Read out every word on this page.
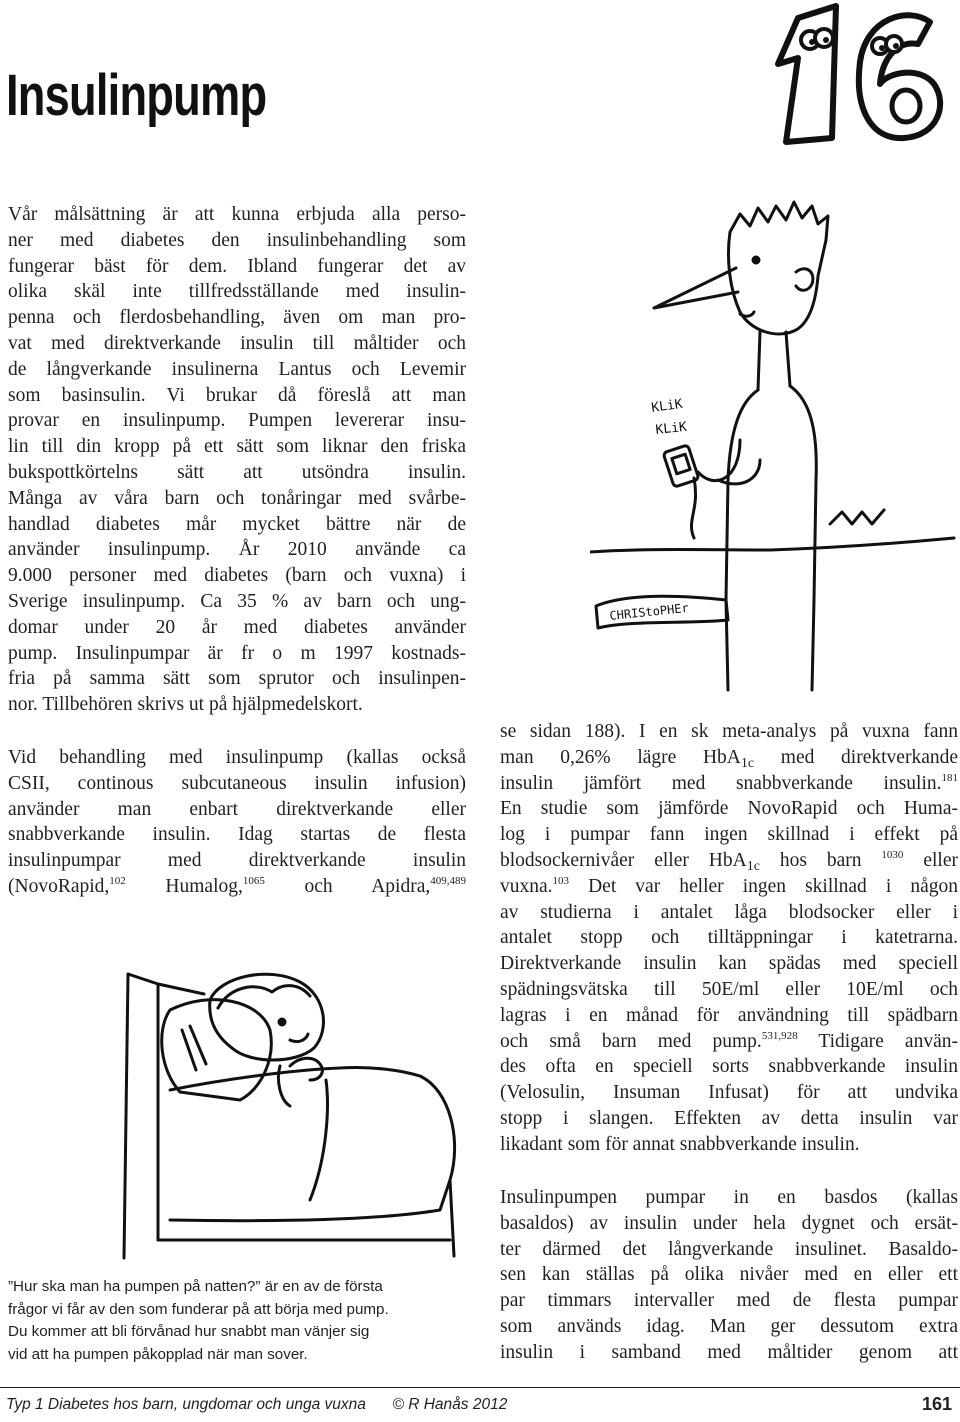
Insulinpump	16
Vår målsättning är att kunna erbjuda alla perso-
ner med diabetes den insulinbehandling som
fungerar bäst för dem. Ibland fungerar det av
olika skäl inte tillfredsställande med insulin-
penna och flerdosbehandling, även om man pro-
vat med direktverkande insulin till måltider och
de långverkande insulinerna Lantus och Levemir
som basinsulin. Vi brukar då föreslå att man
provar en insulinpump. Pumpen levererar insu-
lin till din kropp på ett sätt som liknar den friska
bukspottkörtelns sätt att utsöndra insulin.
Många av våra barn och tonåringar med svårbe-
handlad diabetes mår mycket bättre när de
använder insulinpump. År 2010 använde ca
9.000 personer med diabetes (barn och vuxna) i
Sverige insulinpump. Ca 35 % av barn och ung-
domar under 20 år med diabetes använder
pump. Insulinpumpar är fr o m 1997 kostnads-
fria på samma sätt som sprutor och insulinpen-
nor. Tillbehören skrivs ut på hjälpmedelskort.
Vid behandling med insulinpump (kallas också
CSII, continous subcutaneous insulin infusion)
använder man enbart direktverkande eller
snabbverkande insulin. Idag startas de flesta
insulinpumpar med direktverkande insulin
(NovoRapid,$^{102}$ Humalog,$^{1065}$ och Apidra,$^{409,489}$
se sidan 188). I en sk meta-analys på vuxna fann
man 0,26% lägre HbA$_{1c}$ med direktverkande
insulin jämfört med snabbverkande insulin.$^{181}$
En studie som jämförde NovoRapid och Huma-
log i pumpar fann ingen skillnad i effekt på
blodsockernivåer eller HbA$_{1c}$ hos barn $^{1030}$ eller
vuxna.$^{103}$ Det var heller ingen skillnad i någon
av studierna i antalet låga blodsocker eller i
antalet stopp och tilltäppningar i katetrarna.
Direktverkande insulin kan spädas med speciell
spädningsvätska till 50E/ml eller 10E/ml och
lagras i en månad för användning till spädbarn
och små barn med pump.$^{531,928}$ Tidigare använ-
des ofta en speciell sorts snabbverkande insulin
(Velosulin, Insuman Infusat) för att undvika
stopp i slangen. Effekten av detta insulin var
likadant som för annat snabbverkande insulin.
Insulinpumpen pumpar in en basdos (kallas
basaldos) av insulin under hela dygnet och ersät-
ter därmed det långverkande insulinet. Basaldo-
sen kan ställas på olika nivåer med en eller ett
par timmars intervaller med de flesta pumpar
som används idag. Man ger dessutom extra
insulin i samband med måltider genom att
CHRIStoPHEr
KLiK
KLiK
”Hur ska man ha pumpen på natten?” är en av de första
frågor vi får av den som funderar på att börja med pump.
Du kommer att bli förvånad hur snabbt man vänjer sig
vid att ha pumpen påkopplad när man sover.
Typ 1 Diabetes hos barn, ungdomar och unga vuxna © R Hanås 2012	161
